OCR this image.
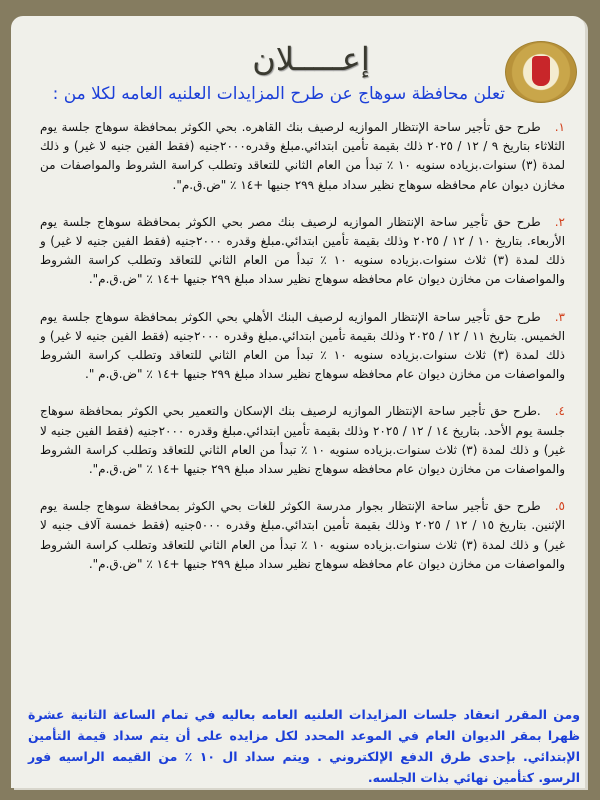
إعـــــلان
تعلن محافظة سوهاج عن طرح المزايدات العلنيه العامه لكلا من :

١.طرح حق تأجير ساحة الإنتظار الموازيه لرصيف بنك القاهره. بحي الكوثر بمحافظة سوهاج جلسة يوم الثلاثاء بتاريخ ٩ / ١٢ / ٢٠٢٥ ذلك بقيمة تأمين ابتدائي.مبلغ وقدره٢٠٠٠جنيه (فقط الفين جنيه لا غير) و ذلك لمدة (٣) سنوات.بزياده سنويه ١٠ ٪ تبدأ من العام الثاني للتعاقد وتطلب كراسة الشروط والمواصفات من مخازن ديوان عام محافظه سوهاج نظير سداد مبلغ ٢٩٩ جنيها +١٤ ٪ "ض.ق.م".

٢.طرح حق تأجير ساحة الإنتظار الموازيه لرصيف بنك مصر بحي الكوثر بمحافظة سوهاج جلسة يوم الأربعاء. بتاريخ ١٠ / ١٢ / ٢٠٢٥ وذلك بقيمة تأمين ابتدائي.مبلغ وقدره ٢٠٠٠جنيه (فقط الفين جنيه لا غير) و ذلك لمدة (٣) ثلاث سنوات.بزياده سنويه ١٠ ٪ تبدأ من العام الثاني للتعاقد وتطلب كراسة الشروط والمواصفات من مخازن ديوان عام محافظه سوهاج نظير سداد مبلغ ٢٩٩ جنيها +١٤ ٪ "ض.ق.م".

٣.طرح حق تأجير ساحة الإنتظار الموازيه لرصيف البنك الأهلي بحي الكوثر بمحافظة سوهاج جلسة يوم الخميس. بتاريخ ١١ / ١٢ / ٢٠٢٥ وذلك بقيمة تأمين ابتدائي.مبلغ وقدره ٢٠٠٠جنيه (فقط الفين جنيه لا غير) و ذلك لمدة (٣) ثلاث سنوات.بزياده سنويه ١٠ ٪ تبدأ من العام الثاني للتعاقد وتطلب كراسة الشروط والمواصفات من مخازن ديوان عام محافظه سوهاج نظير سداد مبلغ ٢٩٩ جنيها +١٤ ٪ "ض.ق.م ".

٤..طرح حق تأجير ساحة الإنتظار الموازيه لرصيف بنك الإسكان والتعمير بحي الكوثر بمحافظة سوهاج جلسة يوم الأحد. بتاريخ ١٤ / ١٢ / ٢٠٢٥ وذلك بقيمة تأمين ابتدائي.مبلغ وقدره ٢٠٠٠جنيه (فقط الفين جنيه لا غير) و ذلك لمدة (٣) ثلاث سنوات.بزياده سنويه ١٠ ٪ تبدأ من العام الثاني للتعاقد وتطلب كراسة الشروط والمواصفات من مخازن ديوان عام محافظه سوهاج نظير سداد مبلغ ٢٩٩ جنيها +١٤ ٪ "ض.ق.م".

٥.طرح حق تأجير ساحة الإنتظار بجوار مدرسة الكوثر للغات بحي الكوثر بمحافظة سوهاج جلسة يوم الإثنين. بتاريخ ١٥ / ١٢ / ٢٠٢٥ وذلك بقيمة تأمين ابتدائي.مبلغ وقدره ٥٠٠٠جنيه (فقط خمسة آلاف جنيه لا غير) و ذلك لمدة (٣) ثلاث سنوات.بزياده سنويه ١٠ ٪ تبدأ من العام الثاني للتعاقد وتطلب كراسة الشروط والمواصفات من مخازن ديوان عام محافظه سوهاج نظير سداد مبلغ ٢٩٩ جنيها +١٤ ٪ "ض.ق.م".

ومن المقرر انعقاد جلسات المزايدات العلنيه العامه بعاليه في تمام الساعة الثانية عشرة ظهرا بمقر الديوان العام في الموعد المحدد لكل مزايده على أن يتم سداد قيمة التأمين الإبتدائي. بإحدى طرق الدفع الإلكتروني . ويتم سداد ال ١٠ ٪ من القيمه الراسيه فور الرسو. كتأمين نهائي بذات الجلسه.
